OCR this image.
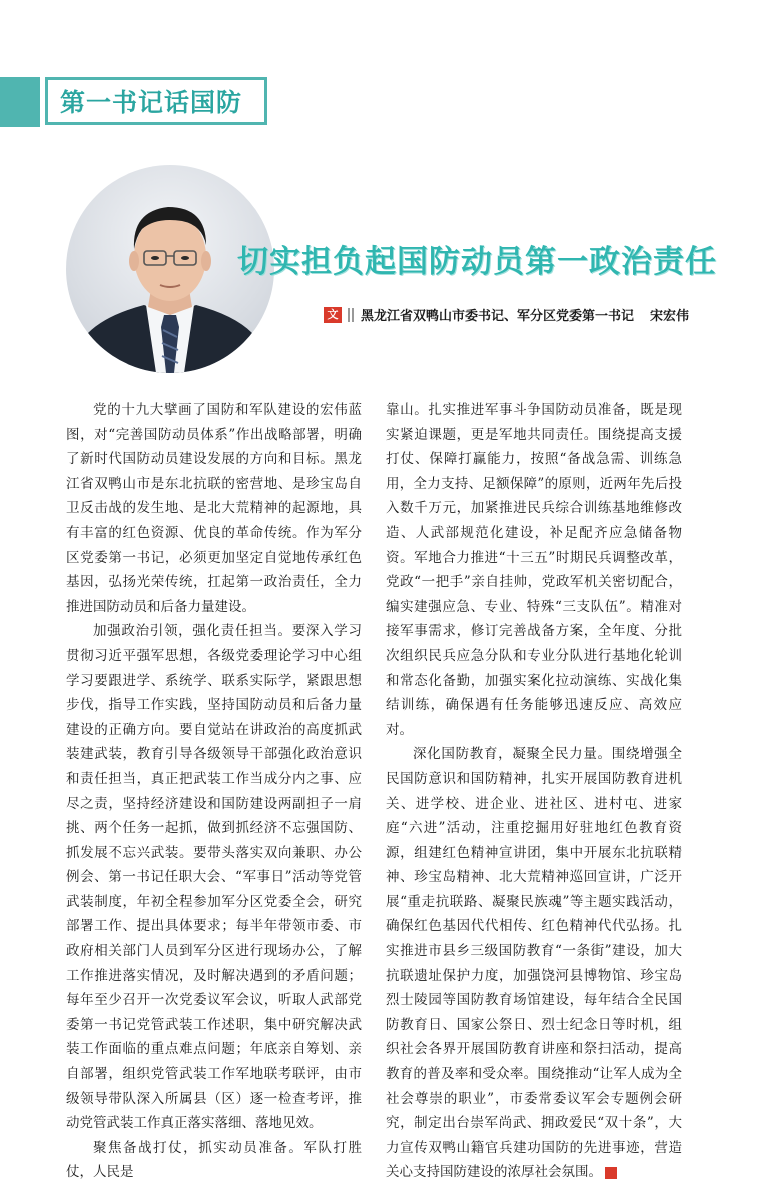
第一书记话国防
切实担负起国防动员第一政治责任
文 黑龙江省双鸭山市委书记、军分区党委第一书记 宋宏伟

党的十九大擘画了国防和军队建设的宏伟蓝图，对“完善国防动员体系”作出战略部署，明确了新时代国防动员建设发展的方向和目标。黑龙江省双鸭山市是东北抗联的密营地、是珍宝岛自卫反击战的发生地、是北大荒精神的起源地，具有丰富的红色资源、优良的革命传统。作为军分区党委第一书记，必须更加坚定自觉地传承红色基因，弘扬光荣传统，扛起第一政治责任，全力推进国防动员和后备力量建设。

加强政治引领，强化责任担当。要深入学习贯彻习近平强军思想，各级党委理论学习中心组学习要跟进学、系统学、联系实际学，紧跟思想步伐，指导工作实践，坚持国防动员和后备力量建设的正确方向。要自觉站在讲政治的高度抓武装建武装，教育引导各级领导干部强化政治意识和责任担当，真正把武装工作当成分内之事、应尽之责，坚持经济建设和国防建设两副担子一肩挑、两个任务一起抓，做到抓经济不忘强国防、抓发展不忘兴武装。要带头落实双向兼职、办公例会、第一书记任职大会、“军事日”活动等党管武装制度，年初全程参加军分区党委全会，研究部署工作、提出具体要求；每半年带领市委、市政府相关部门人员到军分区进行现场办公，了解工作推进落实情况，及时解决遇到的矛盾问题；每年至少召开一次党委议军会议，听取人武部党委第一书记党管武装工作述职，集中研究解决武装工作面临的重点难点问题；年底亲自筹划、亲自部署，组织党管武装工作军地联考联评，由市级领导带队深入所属县（区）逐一检查考评，推动党管武装工作真正落实落细、落地见效。

聚焦备战打仗，抓实动员准备。军队打胜仗，人民是

靠山。扎实推进军事斗争国防动员准备，既是现实紧迫课题，更是军地共同责任。围绕提高支援打仗、保障打赢能力，按照“备战急需、训练急用，全力支持、足额保障”的原则，近两年先后投入数千万元，加紧推进民兵综合训练基地维修改造、人武部规范化建设，补足配齐应急储备物资。军地合力推进“十三五”时期民兵调整改革，党政“一把手”亲自挂帅，党政军机关密切配合，编实建强应急、专业、特殊“三支队伍”。精准对接军事需求，修订完善战备方案，全年度、分批次组织民兵应急分队和专业分队进行基地化轮训和常态化备勤，加强实案化拉动演练、实战化集结训练，确保遇有任务能够迅速反应、高效应对。

深化国防教育，凝聚全民力量。围绕增强全民国防意识和国防精神，扎实开展国防教育进机关、进学校、进企业、进社区、进村屯、进家庭“六进”活动，注重挖掘用好驻地红色教育资源，组建红色精神宣讲团，集中开展东北抗联精神、珍宝岛精神、北大荒精神巡回宣讲，广泛开展“重走抗联路、凝聚民族魂”等主题实践活动，确保红色基因代代相传、红色精神代代弘扬。扎实推进市县乡三级国防教育“一条街”建设，加大抗联遗址保护力度，加强饶河县博物馆、珍宝岛烈士陵园等国防教育场馆建设，每年结合全民国防教育日、国家公祭日、烈士纪念日等时机，组织社会各界开展国防教育讲座和祭扫活动，提高教育的普及率和受众率。围绕推动“让军人成为全社会尊崇的职业”，市委常委议军会专题例会研究，制定出台崇军尚武、拥政爱民“双十条”，大力宣传双鸭山籍官兵建功国防的先进事迹，营造关心支持国防建设的浓厚社会氛围。	G
